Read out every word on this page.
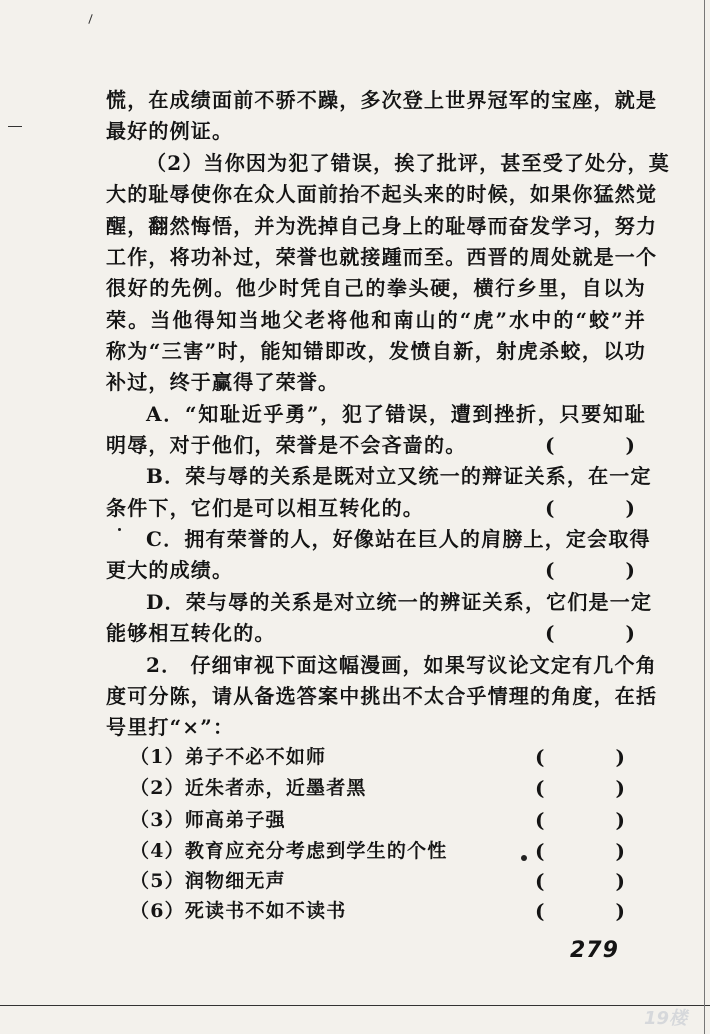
慌，在成绩面前不骄不躁，多次登上世界冠军的宝座，就是
最好的例证。
（2）当你因为犯了错误，挨了批评，甚至受了处分，莫
大的耻辱使你在众人面前抬不起头来的时候，如果你猛然觉
醒，翻然悔悟，并为洗掉自己身上的耻辱而奋发学习，努力
工作，将功补过，荣誉也就接踵而至。西晋的周处就是一个
很好的先例。他少时凭自己的拳头硬，横行乡里，自以为
荣。当他得知当地父老将他和南山的“虎”水中的“蛟”并
称为“三害”时，能知错即改，发愤自新，射虎杀蛟，以功
补过，终于赢得了荣誉。
A．“知耻近乎勇”，犯了错误，遭到挫折，只要知耻
明辱，对于他们，荣誉是不会吝啬的。	(	)
B．荣与辱的关系是既对立又统一的辩证关系，在一定
条件下，它们是可以相互转化的。	(	)
C．拥有荣誉的人，好像站在巨人的肩膀上，定会取得
更大的成绩。	(	)
D．荣与辱的关系是对立统一的辨证关系，它们是一定
能够相互转化的。	(	)
2． 仔细审视下面这幅漫画，如果写议论文定有几个角
度可分陈，请从备选答案中挑出不太合乎情理的角度，在括
号里打“×”：
（1）弟子不必不如师	(	)
（2）近朱者赤，近墨者黑	(	)
（3）师高弟子强	(	)
（4）教育应充分考虑到学生的个性	(	)
（5）润物细无声	(	)
（6）死读书不如不读书	(	)
279
19楼
